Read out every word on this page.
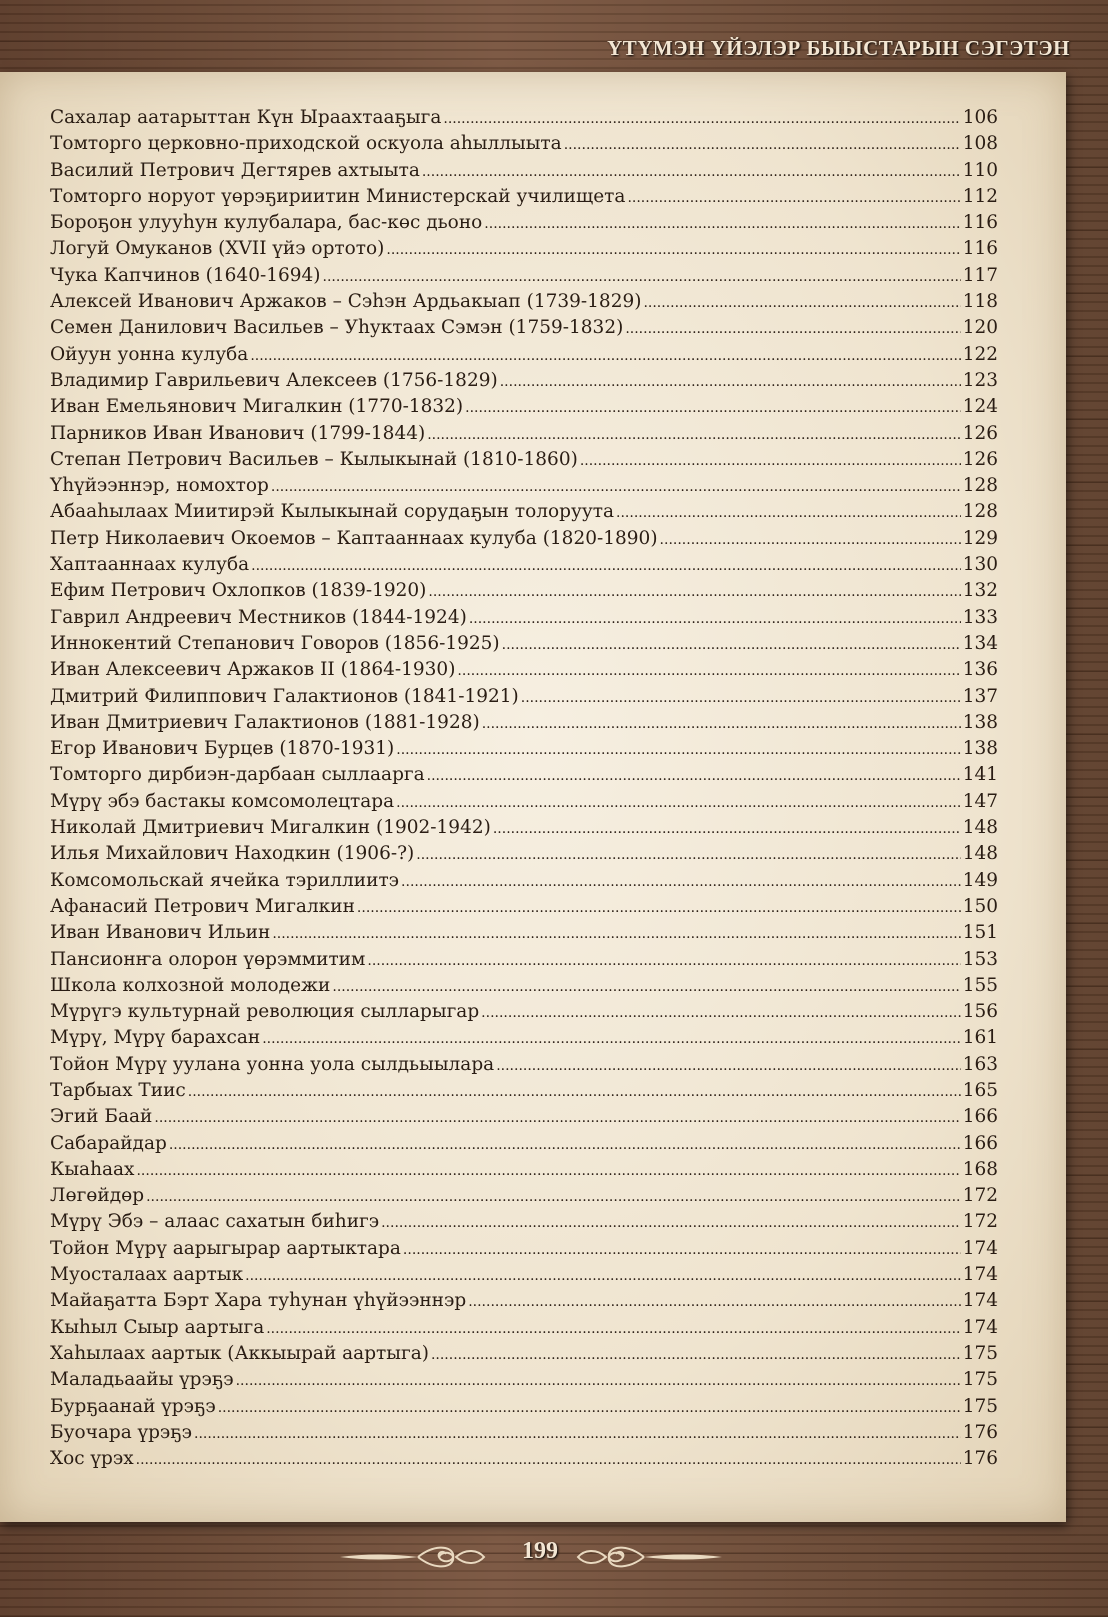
ҮТҮМЭН ҮЙЭЛЭР БЫЫСТАРЫН СЭГЭТЭН
Сахалар аатарыттан Күн Ыраахтааҕыга .....	106
Томторго церковно-приходской оскуола аһыллыыта .....	108
Василий Петрович Дегтярев ахтыыта .....	110
Томторго норуот үөрэҕириитин Министерскай училищета .....	112
Бороҕон улууһун кулубалара, бас-көс дьоно .....	116
Логуй Омуканов (XVII үйэ ортото) .....	116
Чука Капчинов (1640-1694) .....	117
Алексей Иванович Аржаков – Сэһэн Ардьакыап (1739-1829) .....	118
Семен Данилович Васильев – Уһуктаах Сэмэн (1759-1832) .....	120
Ойуун уонна кулуба .....	122
Владимир Гаврильевич Алексеев (1756-1829) .....	123
Иван Емельянович Мигалкин (1770-1832) .....	124
Парников Иван Иванович (1799-1844) .....	126
Степан Петрович Васильев – Кылыкынай (1810-1860) .....	126
Үһүйээннэр, номохтор .....	128
Абааһылаах Миитирэй Кылыкынай сорудаҕын толоруута .....	128
Петр Николаевич Окоемов – Каптааннаах кулуба (1820-1890) .....	129
Хаптааннаах кулуба .....	130
Ефим Петрович Охлопков (1839-1920) .....	132
Гаврил Андреевич Местников (1844-1924) .....	133
Иннокентий Степанович Говоров (1856-1925) .....	134
Иван Алексеевич Аржаков II (1864-1930) .....	136
Дмитрий Филиппович Галактионов (1841-1921) .....	137
Иван Дмитриевич Галактионов (1881-1928) .....	138
Егор Иванович Бурцев (1870-1931) .....	138
Томторго дирбиэн-дарбаан сыллаарга .....	141
Мүрү эбэ бастакы комсомолецтара .....	147
Николай Дмитриевич Мигалкин (1902-1942) .....	148
Илья Михайлович Находкин (1906-?) .....	148
Комсомольскай ячейка тэриллиитэ .....	149
Афанасий Петрович Мигалкин .....	150
Иван Иванович Ильин .....	151
Пансионҥа олорон үөрэммитим .....	153
Школа колхозной молодежи .....	155
Мүрүгэ культурнай революция сылларыгар .....	156
Мүрү, Мүрү барахсан .....	161
Тойон Мүрү уулана уонна уола сылдьыылара .....	163
Тарбыах Тиис .....	165
Эгий Баай .....	166
Сабарайдар .....	166
Кыаһаах .....	168
Лөгөйдөр .....	172
Мүрү Эбэ – алаас сахатын биһигэ .....	172
Тойон Мүрү аарыгырар аартыктара .....	174
Муосталаах аартык .....	174
Майаҕатта Бэрт Хара туһунан үһүйээннэр .....	174
Кыһыл Сыыр аартыга .....	174
Хаһылаах аартык (Аккыырай аартыга) .....	175
Маладьаайы үрэҕэ .....	175
Бурҕаанай үрэҕэ .....	175
Буочара үрэҕэ .....	176
Хос үрэх .....	176
199
